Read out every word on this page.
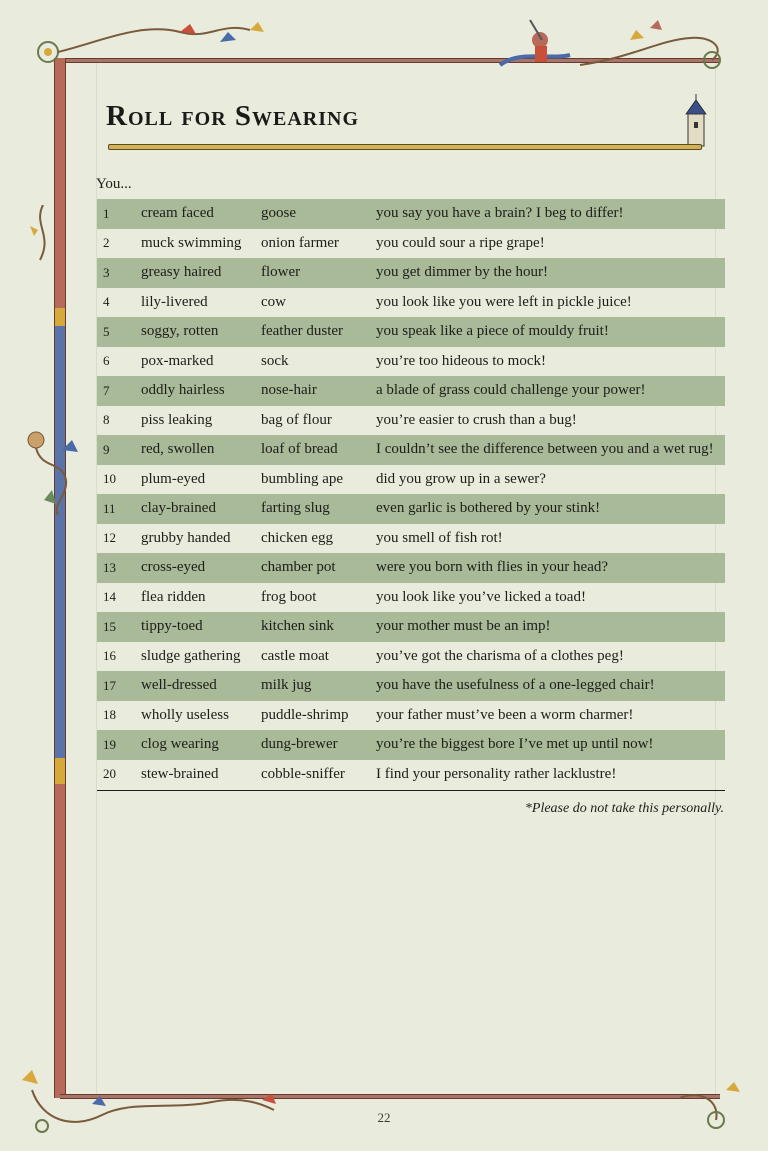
Roll for Swearing
You...
1	cream faced	goose	you say you have a brain? I beg to differ!
2	muck swimming	onion farmer	you could sour a ripe grape!
3	greasy haired	flower	you get dimmer by the hour!
4	lily-livered	cow	you look like you were left in pickle juice!
5	soggy, rotten	feather duster	you speak like a piece of mouldy fruit!
6	pox-marked	sock	you’re too hideous to mock!
7	oddly hairless	nose-hair	a blade of grass could challenge your power!
8	piss leaking	bag of flour	you’re easier to crush than a bug!
9	red, swollen	loaf of bread	I couldn’t see the difference between you and a wet rug!
10	plum-eyed	bumbling ape	did you grow up in a sewer?
11	clay-brained	farting slug	even garlic is bothered by your stink!
12	grubby handed	chicken egg	you smell of fish rot!
13	cross-eyed	chamber pot	were you born with flies in your head?
14	flea ridden	frog boot	you look like you’ve licked a toad!
15	tippy-toed	kitchen sink	your mother must be an imp!
16	sludge gathering	castle moat	you’ve got the charisma of a clothes peg!
17	well-dressed	milk jug	you have the usefulness of a one-legged chair!
18	wholly useless	puddle-shrimp	your father must’ve been a worm charmer!
19	clog wearing	dung-brewer	you’re the biggest bore I’ve met up until now!
20	stew-brained	cobble-sniffer	I find your personality rather lacklustre!
*Please do not take this personally.
22
